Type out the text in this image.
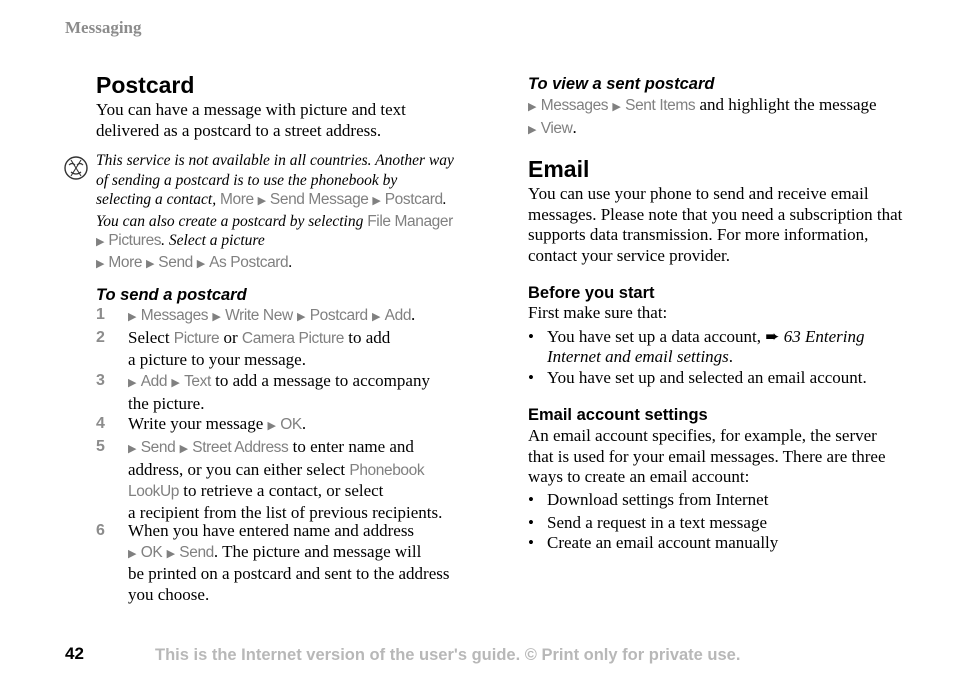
Messaging
Postcard
You can have a message with picture and text delivered as a postcard to a street address.
This service is not available in all countries. Another way of sending a postcard is to use the phonebook by selecting a contact, More ▶ Send Message ▶ Postcard. You can also create a postcard by selecting File Manager ▶ Pictures. Select a picture
▶ More ▶ Send ▶ As Postcard.
To send a postcard
1 ▶ Messages ▶ Write New ▶ Postcard ▶ Add.
2 Select Picture or Camera Picture to add
a picture to your message.
3 ▶ Add ▶ Text to add a message to accompany
the picture.
4 Write your message ▶ OK.
5 ▶ Send ▶ Street Address to enter name and
address, or you can either select Phonebook
LookUp to retrieve a contact, or select
a recipient from the list of previous recipients.
6 When you have entered name and address
▶ OK ▶ Send. The picture and message will
be printed on a postcard and sent to the address
you choose.
To view a sent postcard
▶ Messages ▶ Sent Items and highlight the message
▶ View.
Email
You can use your phone to send and receive email messages. Please note that you need a subscription that supports data transmission. For more information, contact your service provider.
Before you start
First make sure that:
• You have set up a data account, ➨ 63 Entering Internet and email settings.
• You have set up and selected an email account.
Email account settings
An email account specifies, for example, the server that is used for your email messages. There are three ways to create an email account:
• Download settings from Internet
• Send a request in a text message
• Create an email account manually
42	This is the Internet version of the user's guide. © Print only for private use.
